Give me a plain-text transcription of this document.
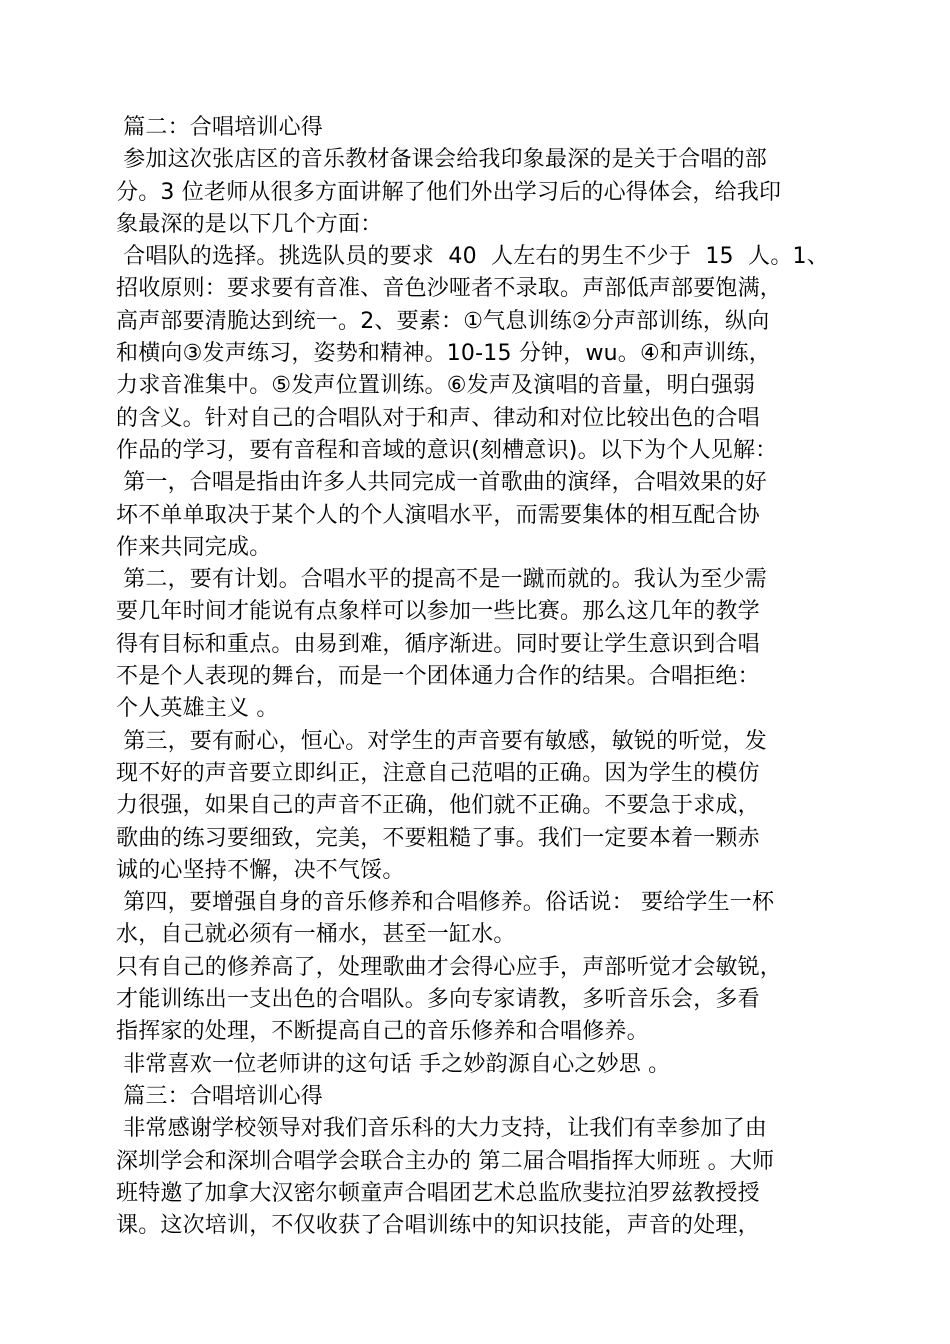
篇二：合唱培训心得
参加这次张店区的音乐教材备课会给我印象最深的是关于合唱的部
分。3 位老师从很多方面讲解了他们外出学习后的心得体会，给我印
象最深的是以下几个方面：
合唱队的选择。挑选队员的要求  40  人左右的男生不少于  15  人。1、
招收原则：要求要有音准、音色沙哑者不录取。声部低声部要饱满，
高声部要清脆达到统一。2、要素：①气息训练②分声部训练，纵向
和横向③发声练习，姿势和精神。10-15 分钟，wu。④和声训练，
力求音准集中。⑤发声位置训练。⑥发声及演唱的音量，明白强弱
的含义。针对自己的合唱队对于和声、律动和对位比较出色的合唱
作品的学习，要有音程和音域的意识(刻槽意识)。以下为个人见解：
第一，合唱是指由许多人共同完成一首歌曲的演绎，合唱效果的好
坏不单单取决于某个人的个人演唱水平，而需要集体的相互配合协
作来共同完成。
第二，要有计划。合唱水平的提高不是一蹴而就的。我认为至少需
要几年时间才能说有点象样可以参加一些比赛。那么这几年的教学
得有目标和重点。由易到难，循序渐进。同时要让学生意识到合唱
不是个人表现的舞台，而是一个团体通力合作的结果。合唱拒绝：
个人英雄主义 。
第三，要有耐心，恒心。对学生的声音要有敏感，敏锐的听觉，发
现不好的声音要立即纠正，注意自己范唱的正确。因为学生的模仿
力很强，如果自己的声音不正确，他们就不正确。不要急于求成，
歌曲的练习要细致，完美，不要粗糙了事。我们一定要本着一颗赤
诚的心坚持不懈，决不气馁。
第四，要增强自身的音乐修养和合唱修养。俗话说： 要给学生一杯
水，自己就必须有一桶水，甚至一缸水。
只有自己的修养高了，处理歌曲才会得心应手，声部听觉才会敏锐，
才能训练出一支出色的合唱队。多向专家请教，多听音乐会，多看
指挥家的处理，不断提高自己的音乐修养和合唱修养。
非常喜欢一位老师讲的这句话 手之妙韵源自心之妙思 。
篇三：合唱培训心得
非常感谢学校领导对我们音乐科的大力支持，让我们有幸参加了由
深圳学会和深圳合唱学会联合主办的 第二届合唱指挥大师班 。大师
班特邀了加拿大汉密尔顿童声合唱团艺术总监欣斐拉泊罗兹教授授
课。这次培训，不仅收获了合唱训练中的知识技能，声音的处理，
